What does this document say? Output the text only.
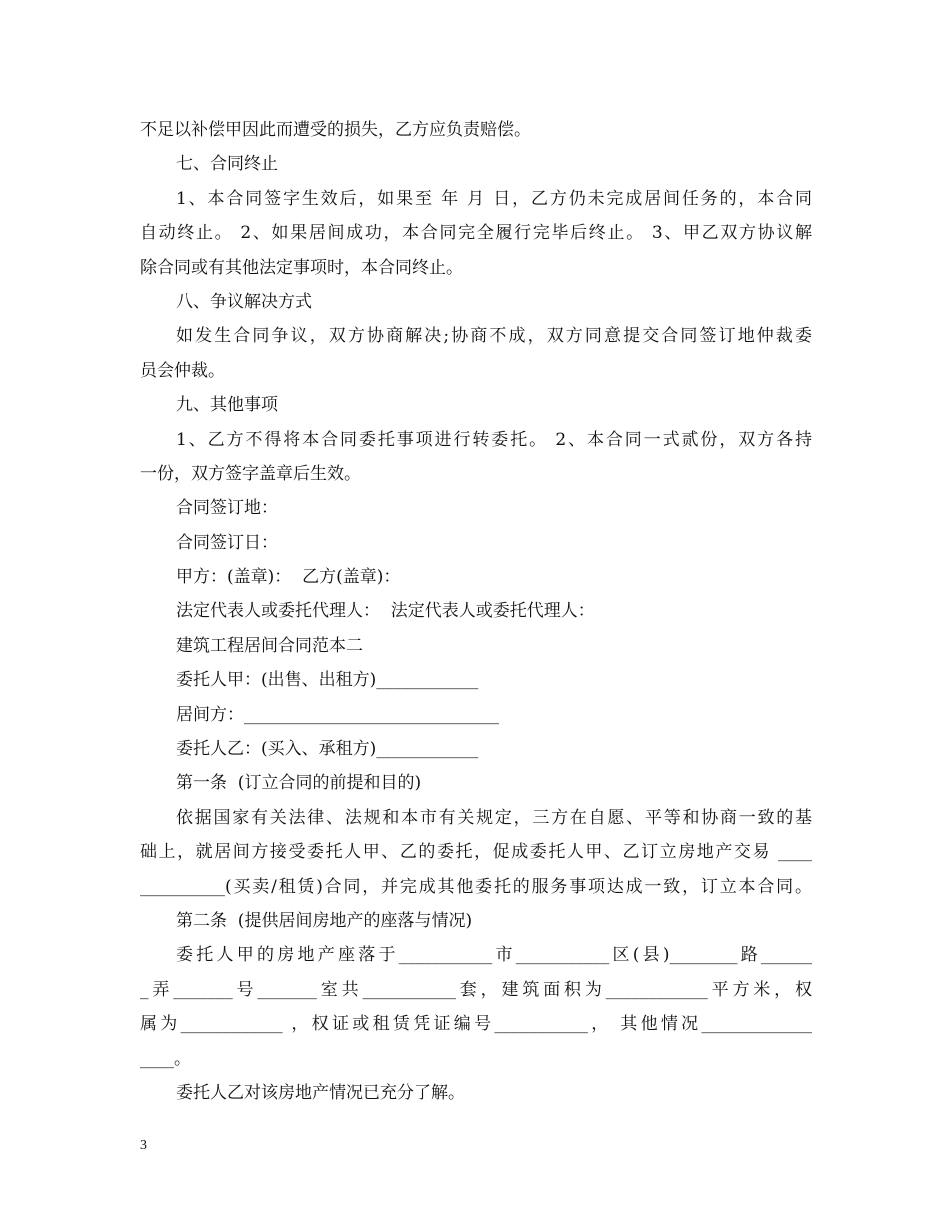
不足以补偿甲因此而遭受的损失，乙方应负责赔偿。
七、合同终止
1、本合同签字生效后，如果至 年 月 日，乙方仍未完成居间任务的，本合同
自动终止。 2、如果居间成功，本合同完全履行完毕后终止。 3、甲乙双方协议解
除合同或有其他法定事项时，本合同终止。
八、争议解决方式
如发生合同争议，双方协商解决;协商不成，双方同意提交合同签订地仲裁委
员会仲裁。
九、其他事项
1、乙方不得将本合同委托事项进行转委托。 2、本合同一式贰份，双方各持
一份，双方签字盖章后生效。
合同签订地：
合同签订日：
甲方：(盖章)：  乙方(盖章)：
法定代表人或委托代理人：  法定代表人或委托代理人：
建筑工程居间合同范本二
委托人甲：(出售、出租方)____________
居间方：______________________________
委托人乙：(买入、承租方)____________
第一条  (订立合同的前提和目的)
依据国家有关法律、法规和本市有关规定，三方在自愿、平等和协商一致的基
础上，就居间方接受委托人甲、乙的委托，促成委托人甲、乙订立房地产交易 ____
__________(买卖/租赁)合同，并完成其他委托的服务事项达成一致，订立本合同。
第二条  (提供居间房地产的座落与情况)
委托人甲的房地产座落于___________市___________区(县)________路______
_弄_______号_______室共___________套，建筑面积为____________平方米，权
属为____________ ，权证或租赁凭证编号___________， 其他情况_____________
____。
委托人乙对该房地产情况已充分了解。
3
